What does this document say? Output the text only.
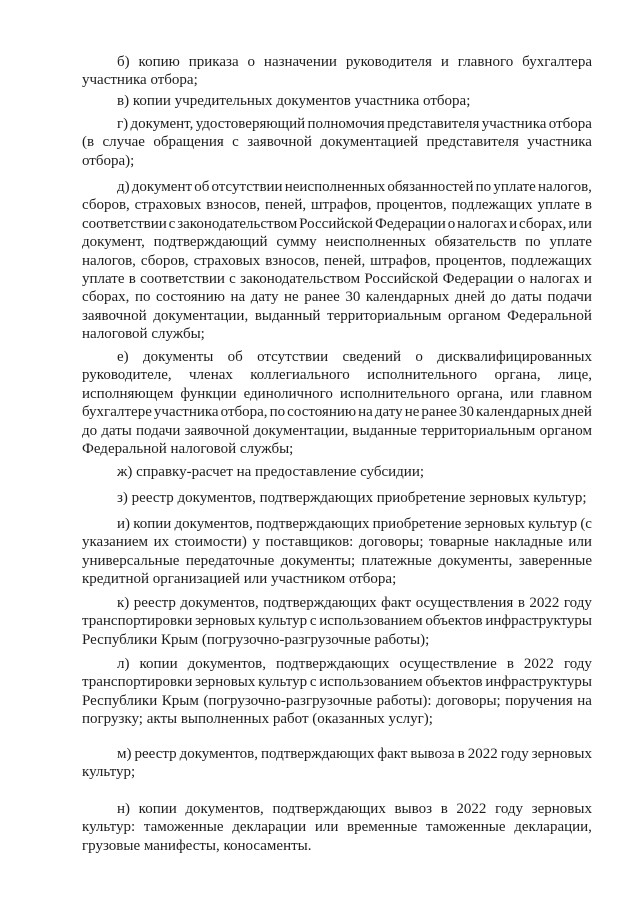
б) копию приказа о назначении руководителя и главного бухгалтера
участника отбора;
в) копии учредительных документов участника отбора;
г) документ, удостоверяющий полномочия представителя участника отбора
(в случае обращения с заявочной документацией представителя участника
отбора);
д) документ об отсутствии неисполненных обязанностей по уплате налогов,
сборов, страховых взносов, пеней, штрафов, процентов, подлежащих уплате в
соответствии с законодательством Российской Федерации о налогах и сборах, или
документ, подтверждающий сумму неисполненных обязательств по уплате
налогов, сборов, страховых взносов, пеней, штрафов, процентов, подлежащих
уплате в соответствии с законодательством Российской Федерации о налогах и
сборах, по состоянию на дату не ранее 30 календарных дней до даты подачи
заявочной документации, выданный территориальным органом Федеральной
налоговой службы;
е) документы об отсутствии сведений о дисквалифицированных
руководителе, членах коллегиального исполнительного органа, лице,
исполняющем функции единоличного исполнительного органа, или главном
бухгалтере участника отбора, по состоянию на дату не ранее 30 календарных дней
до даты подачи заявочной документации, выданные территориальным органом
Федеральной налоговой службы;
ж) справку-расчет на предоставление субсидии;
з) реестр документов, подтверждающих приобретение зерновых культур;
и) копии документов, подтверждающих приобретение зерновых культур (с
указанием их стоимости) у поставщиков: договоры; товарные накладные или
универсальные передаточные документы; платежные документы, заверенные
кредитной организацией или участником отбора;
к) реестр документов, подтверждающих факт осуществления в 2022 году
транспортировки зерновых культур с использованием объектов инфраструктуры
Республики Крым (погрузочно-разгрузочные работы);
л) копии документов, подтверждающих осуществление в 2022 году
транспортировки зерновых культур с использованием объектов инфраструктуры
Республики Крым (погрузочно-разгрузочные работы): договоры; поручения на
погрузку; акты выполненных работ (оказанных услуг);
м) реестр документов, подтверждающих факт вывоза в 2022 году зерновых
культур;
н) копии документов, подтверждающих вывоз в 2022 году зерновых
культур: таможенные декларации или временные таможенные декларации,
грузовые манифесты, коносаменты.
